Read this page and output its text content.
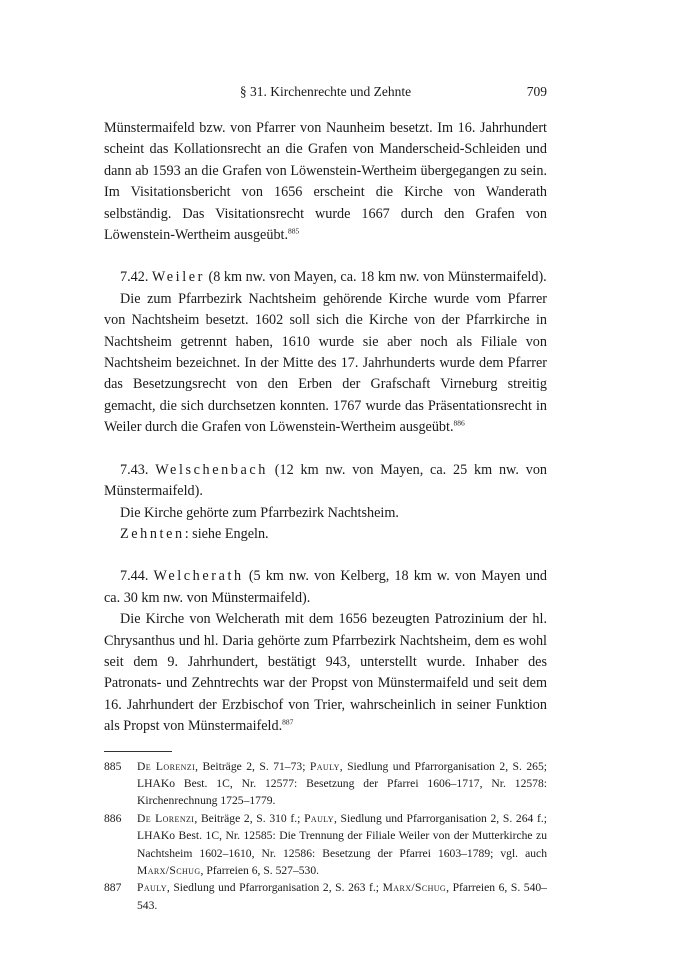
§ 31. Kirchenrechte und Zehnte	709

Münstermaifeld bzw. von Pfarrer von Naunheim besetzt. Im 16. Jahrhundert scheint das Kollationsrecht an die Grafen von Manderscheid-Schleiden und dann ab 1593 an die Grafen von Löwenstein-Wertheim übergegangen zu sein. Im Visitationsbericht von 1656 erscheint die Kirche von Wanderath selbständig. Das Visitationsrecht wurde 1667 durch den Grafen von Löwenstein-Wertheim ausgeübt.$^{885}$

7.42. Weiler (8 km nw. von Mayen, ca. 18 km nw. von Münstermaifeld).

Die zum Pfarrbezirk Nachtsheim gehörende Kirche wurde vom Pfarrer von Nachtsheim besetzt. 1602 soll sich die Kirche von der Pfarrkirche in Nachtsheim getrennt haben, 1610 wurde sie aber noch als Filiale von Nachtsheim bezeichnet. In der Mitte des 17. Jahrhunderts wurde dem Pfarrer das Besetzungsrecht von den Erben der Grafschaft Virneburg streitig gemacht, die sich durchsetzen konnten. 1767 wurde das Präsentationsrecht in Weiler durch die Grafen von Löwenstein-Wertheim ausgeübt.$^{886}$

7.43. Welschenbach (12 km nw. von Mayen, ca. 25 km nw. von Münstermaifeld).

Die Kirche gehörte zum Pfarrbezirk Nachtsheim.

Zehnten: siehe Engeln.

7.44. Welcherath (5 km nw. von Kelberg, 18 km w. von Mayen und ca. 30 km nw. von Münstermaifeld).

Die Kirche von Welcherath mit dem 1656 bezeugten Patrozinium der hl. Chrysanthus und hl. Daria gehörte zum Pfarrbezirk Nachtsheim, dem es wohl seit dem 9. Jahrhundert, bestätigt 943, unterstellt wurde. Inhaber des Patronats- und Zehntrechts war der Propst von Münstermaifeld und seit dem 16. Jahrhundert der Erzbischof von Trier, wahrscheinlich in seiner Funktion als Propst von Münstermaifeld.$^{887}$

885 De Lorenzi, Beiträge 2, S. 71–73; Pauly, Siedlung und Pfarrorganisation 2, S. 265; LHAKo Best. 1C, Nr. 12577: Besetzung der Pfarrei 1606–1717, Nr. 12578: Kirchenrechnung 1725–1779.
886 De Lorenzi, Beiträge 2, S. 310 f.; Pauly, Siedlung und Pfarrorganisation 2, S. 264 f.; LHAKo Best. 1C, Nr. 12585: Die Trennung der Filiale Weiler von der Mutterkirche zu Nachtsheim 1602–1610, Nr. 12586: Besetzung der Pfarrei 1603–1789; vgl. auch Marx/Schug, Pfarreien 6, S. 527–530.
887 Pauly, Siedlung und Pfarrorganisation 2, S. 263 f.; Marx/Schug, Pfarreien 6, S. 540–543.
